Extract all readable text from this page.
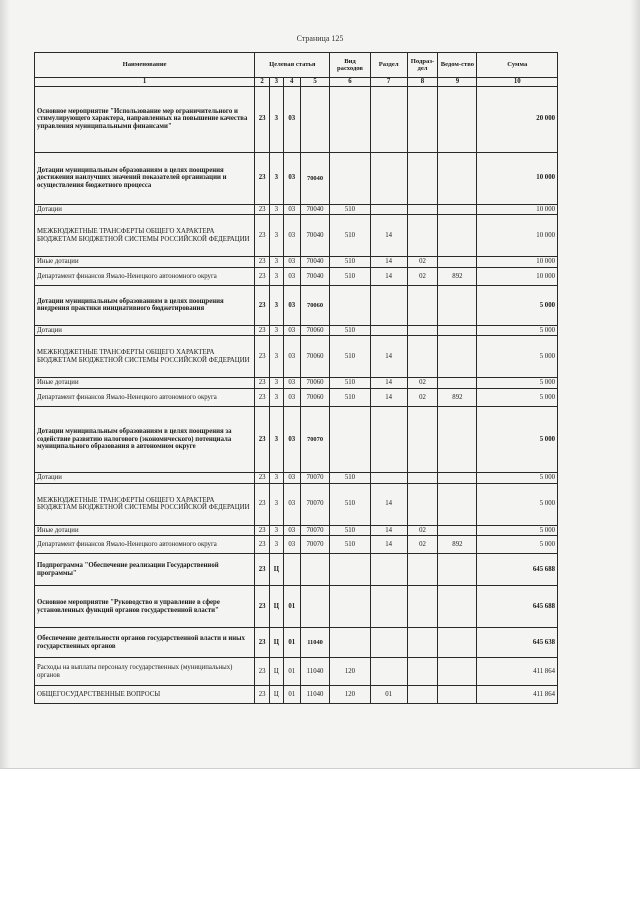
Страница 125
Наименование	Целевая статья				Вид расходов	Раздел	Подраз-дел	Ведом-ство	Сумма
1	2	3	4	5	6	7	8	9	10
Основное мероприятие "Использование мер ограничительного и стимулирующего характера, направленных на повышение качества управления муниципальными финансами"	23	3	03						20 000
Дотации муниципальным образованиям в целях поощрения достижения наилучших значений показателей организации и осуществления бюджетного процесса	23	3	03	70040					10 000
Дотации	23	3	03	70040	510				10 000
МЕЖБЮДЖЕТНЫЕ ТРАНСФЕРТЫ ОБЩЕГО ХАРАКТЕРА БЮДЖЕТАМ БЮДЖЕТНОЙ СИСТЕМЫ РОССИЙСКОЙ ФЕДЕРАЦИИ	23	3	03	70040	510	14			10 000
Иные дотации	23	3	03	70040	510	14	02		10 000
Департамент финансов Ямало-Ненецкого автономного округа	23	3	03	70040	510	14	02	892	10 000
Дотации муниципальным образованиям в целях поощрения внедрения практики инициативного бюджетирования	23	3	03	70060					5 000
Дотации	23	3	03	70060	510				5 000
МЕЖБЮДЖЕТНЫЕ ТРАНСФЕРТЫ ОБЩЕГО ХАРАКТЕРА БЮДЖЕТАМ БЮДЖЕТНОЙ СИСТЕМЫ РОССИЙСКОЙ ФЕДЕРАЦИИ	23	3	03	70060	510	14			5 000
Иные дотации	23	3	03	70060	510	14	02		5 000
Департамент финансов Ямало-Ненецкого автономного округа	23	3	03	70060	510	14	02	892	5 000
Дотации муниципальным образованиям в целях поощрения за содействие развитию налогового (экономического) потенциала муниципального образования в автономном округе	23	3	03	70070					5 000
Дотации	23	3	03	70070	510				5 000
МЕЖБЮДЖЕТНЫЕ ТРАНСФЕРТЫ ОБЩЕГО ХАРАКТЕРА БЮДЖЕТАМ БЮДЖЕТНОЙ СИСТЕМЫ РОССИЙСКОЙ ФЕДЕРАЦИИ	23	3	03	70070	510	14			5 000
Иные дотации	23	3	03	70070	510	14	02		5 000
Департамент финансов Ямало-Ненецкого автономного округа	23	3	03	70070	510	14	02	892	5 000
Подпрограмма "Обеспечение реализации Государственной программы"	23	Ц							645 688
Основное мероприятие "Руководство и управление в сфере установленных функций органов государственной власти"	23	Ц	01						645 688
Обеспечение деятельности органов государственной власти и иных государственных органов	23	Ц	01	11040					645 638
Расходы на выплаты персоналу государственных (муниципальных) органов	23	Ц	01	11040	120				411 864
ОБЩЕГОСУДАРСТВЕННЫЕ ВОПРОСЫ	23	Ц	01	11040	120	01			411 864
